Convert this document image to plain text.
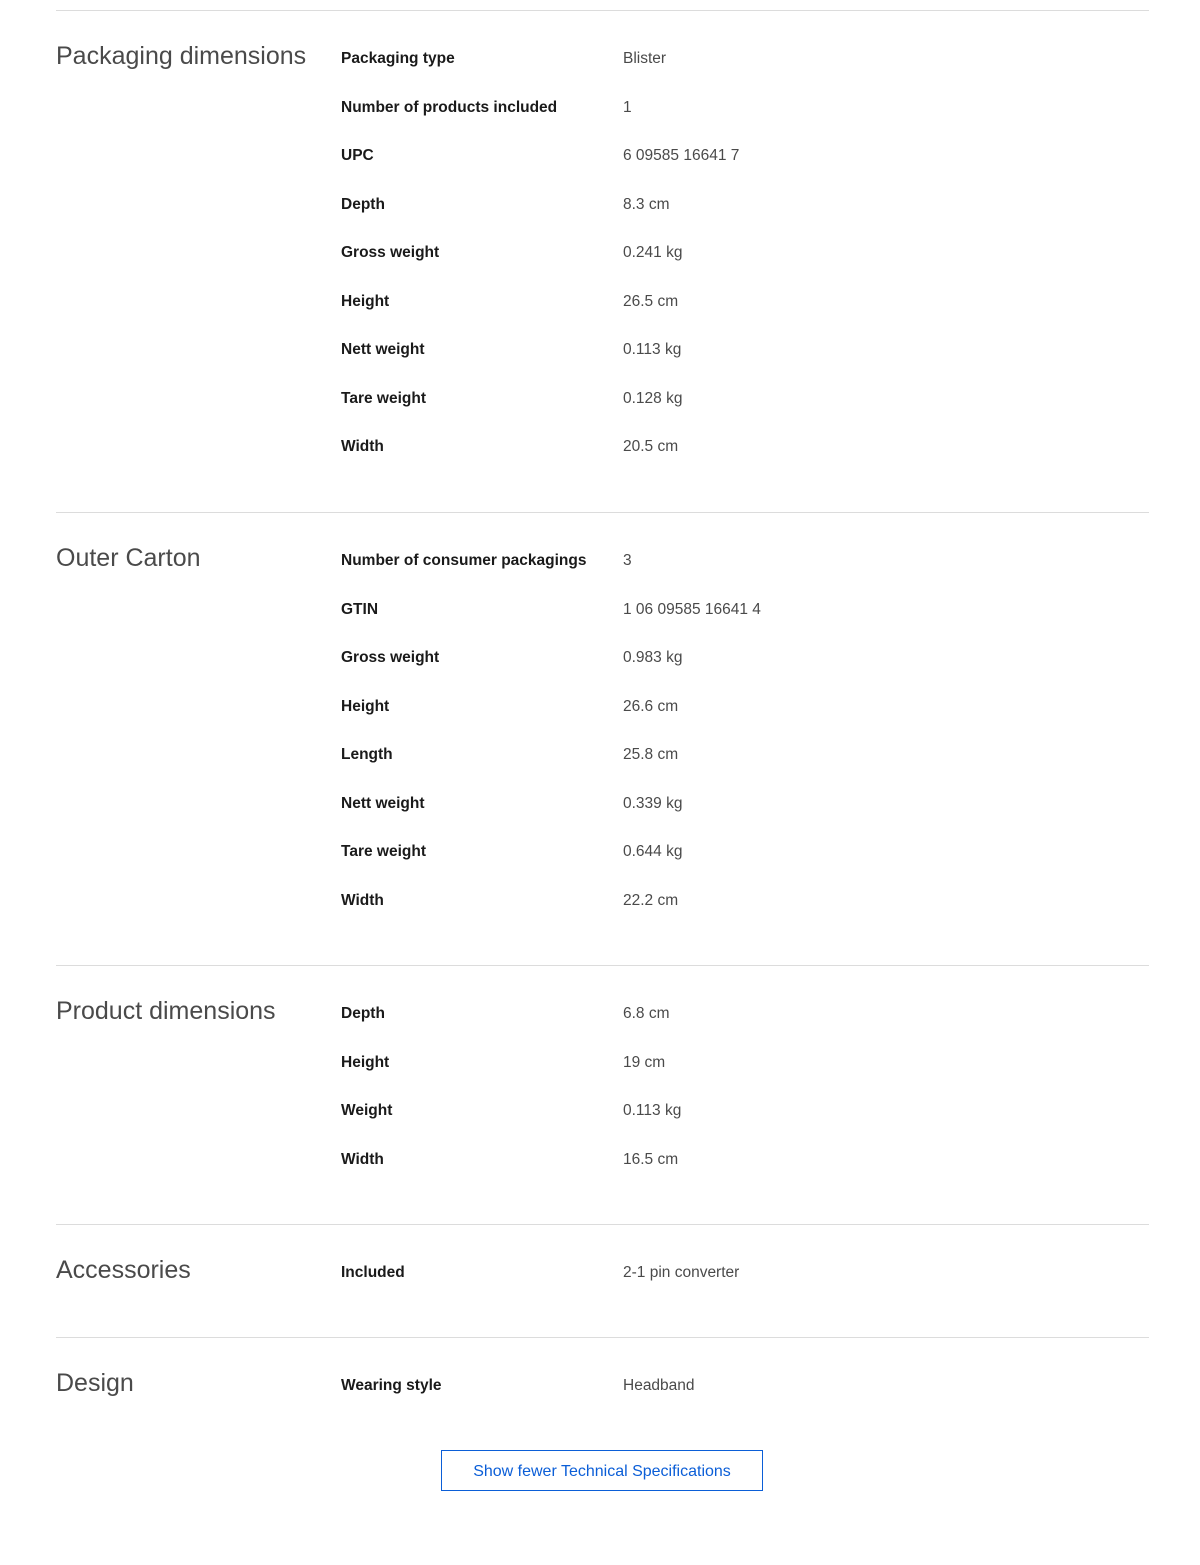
Packaging dimensions	Packaging type	Blister
Number of products included	1
UPC	6 09585 16641 7
Depth	8.3 cm
Gross weight	0.241 kg
Height	26.5 cm
Nett weight	0.113 kg
Tare weight	0.128 kg
Width	20.5 cm
Outer Carton	Number of consumer packagings	3
GTIN	1 06 09585 16641 4
Gross weight	0.983 kg
Height	26.6 cm
Length	25.8 cm
Nett weight	0.339 kg
Tare weight	0.644 kg
Width	22.2 cm
Product dimensions	Depth	6.8 cm
Height	19 cm
Weight	0.113 kg
Width	16.5 cm
Accessories	Included	2-1 pin converter
Design	Wearing style	Headband
Show fewer Technical Specifications
